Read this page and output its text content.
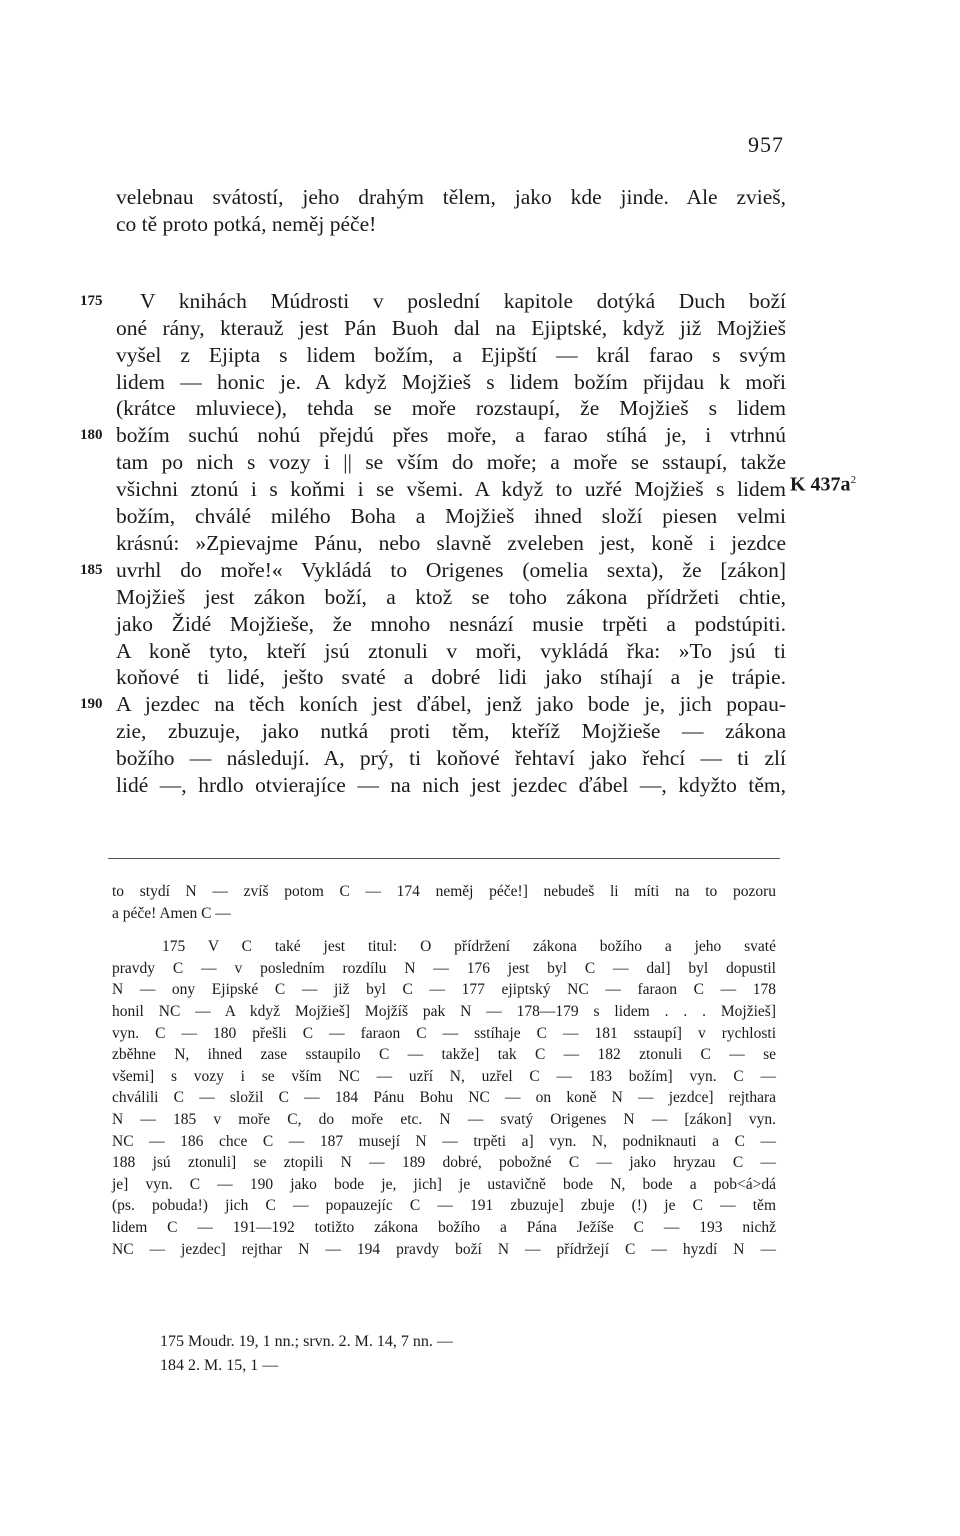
957
velebnau svátostí, jeho drahým tělem, jako kde jinde. Ale zvieš,
co tě proto potká, neměj péče!
175 V knihách Múdrosti v poslední kapitole dotýká Duch boží
oné rány, kterauž jest Pán Buoh dal na Ejiptské, když již Mojžieš
vyšel z Ejipta s lidem božím, a Ejipští — král farao s svým
lidem — honic je. A když Mojžieš s lidem božím přijdau k moři
(krátce mluviece), tehda se moře rozstaupí, že Mojžieš s lidem
180 božím suchú nohú přejdú přes moře, a farao stíhá je, i vtrhnú
tam po nich s vozy i || se vším do moře; a moře se sstaupí, takže
všichni ztonú i s koňmi i se všemi. A když to uzřé Mojžieš s lidem
božím, chválé milého Boha a Mojžieš ihned složí piesen velmi
krásnú: »Zpievajme Pánu, nebo slavně zveleben jest, koně i jezdce
185 uvrhl do moře!« Vykládá to Origenes (omelia sexta), že [zákon]
Mojžieš jest zákon boží, a ktož se toho zákona přídržeti chtie,
jako Židé Mojžieše, že mnoho nesnází musie trpěti a podstúpiti.
A koně tyto, kteří jsú ztonuli v moři, vykládá řka: »To jsú ti
koňové ti lidé, ješto svaté a dobré lidi jako stíhají a je trápie.
190 A jezdec na těch koních jest ďábel, jenž jako bode je, jich popau-
zie, zbuzuje, jako nutká proti těm, kteříž Mojžieše — zákona
božího — následují. A, prý, ti koňové řehtaví jako řehcí — ti zlí
lidé —, hrdlo otvierajíce — na nich jest jezdec ďábel —, kdyžto těm,
K $437a^2$
to stydí N — zvíš potom C — 174 neměj péče!] nebudeš li míti na to pozoru
a péče! Amen C —
175 V C také jest titul: O přídržení zákona božího a jeho svaté
pravdy C — v posledním rozdílu N — 176 jest byl C — dal] byl dopustil
N — ony Ejipské C — již byl C — 177 ejiptský NC — faraon C — 178
honil NC — A když Mojžieš] Mojžíš pak N — 178—179 s lidem . . . Mojžieš]
vyn. C — 180 přešli C — faraon C — sstíhaje C — 181 sstaupí] v rychlosti
zběhne N, ihned zase sstaupilo C — takže] tak C — 182 ztonuli C — se
všemi] s vozy i se vším NC — uzří N, uzřel C — 183 božím] vyn. C —
chválili C — složil C — 184 Pánu Bohu NC — on koně N — jezdce] rejthara
N — 185 v moře C, do moře etc. N — svatý Origenes N — [zákon] vyn.
NC — 186 chce C — 187 musejí N — trpěti a] vyn. N, podniknauti a C —
188 jsú ztonuli] se ztopili N — 189 dobré, pobožné C — jako hryzau C —
je] vyn. C — 190 jako bode je, jich] je ustavičně bode N, bode a pob<á>dá
(ps. pobuda!) jich C — popauzejíc C — 191 zbuzuje] zbuje (!) je C — těm
lidem C — 191—192 totižto zákona božího a Pána Ježíše C — 193 nichž
NC — jezdec] rejthar N — 194 pravdy boží N — přídržejí C — hyzdí N —
175 Moudr. 19, 1 nn.; srvn. 2. M. 14, 7 nn. —
184 2. M. 15, 1 —
